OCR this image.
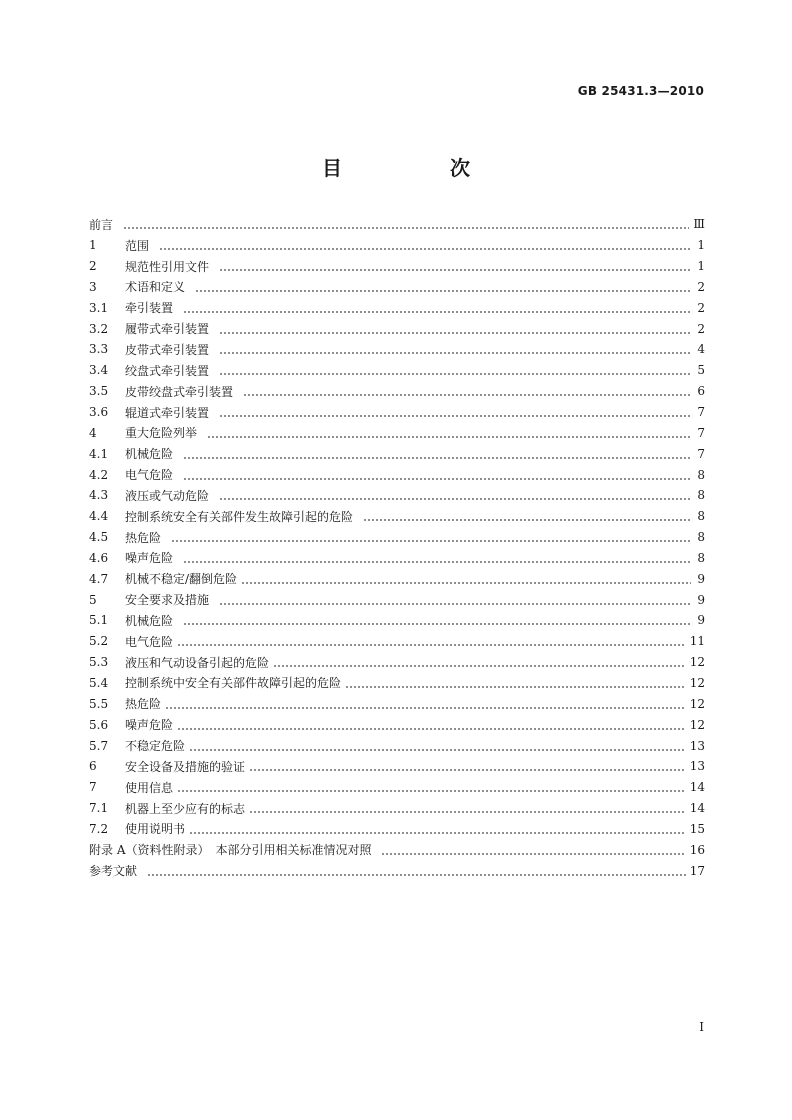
GB 25431.3—2010
目　次
前言	Ⅲ
1	范围	1
2	规范性引用文件	1
3	术语和定义	2
3.1	牵引装置	2
3.2	履带式牵引装置	2
3.3	皮带式牵引装置	4
3.4	绞盘式牵引装置	5
3.5	皮带绞盘式牵引装置	6
3.6	辊道式牵引装置	7
4	重大危险列举	7
4.1	机械危险	7
4.2	电气危险	8
4.3	液压或气动危险	8
4.4	控制系统安全有关部件发生故障引起的危险	8
4.5	热危险	8
4.6	噪声危险	8
4.7	机械不稳定/翻倒危险	9
5	安全要求及措施	9
5.1	机械危险	9
5.2	电气危险	11
5.3	液压和气动设备引起的危险	12
5.4	控制系统中安全有关部件故障引起的危险	12
5.5	热危险	12
5.6	噪声危险	12
5.7	不稳定危险	13
6	安全设备及措施的验证	13
7	使用信息	14
7.1	机器上至少应有的标志	14
7.2	使用说明书	15
附录 A（资料性附录）　本部分引用相关标准情况对照	16
参考文献	17
I
